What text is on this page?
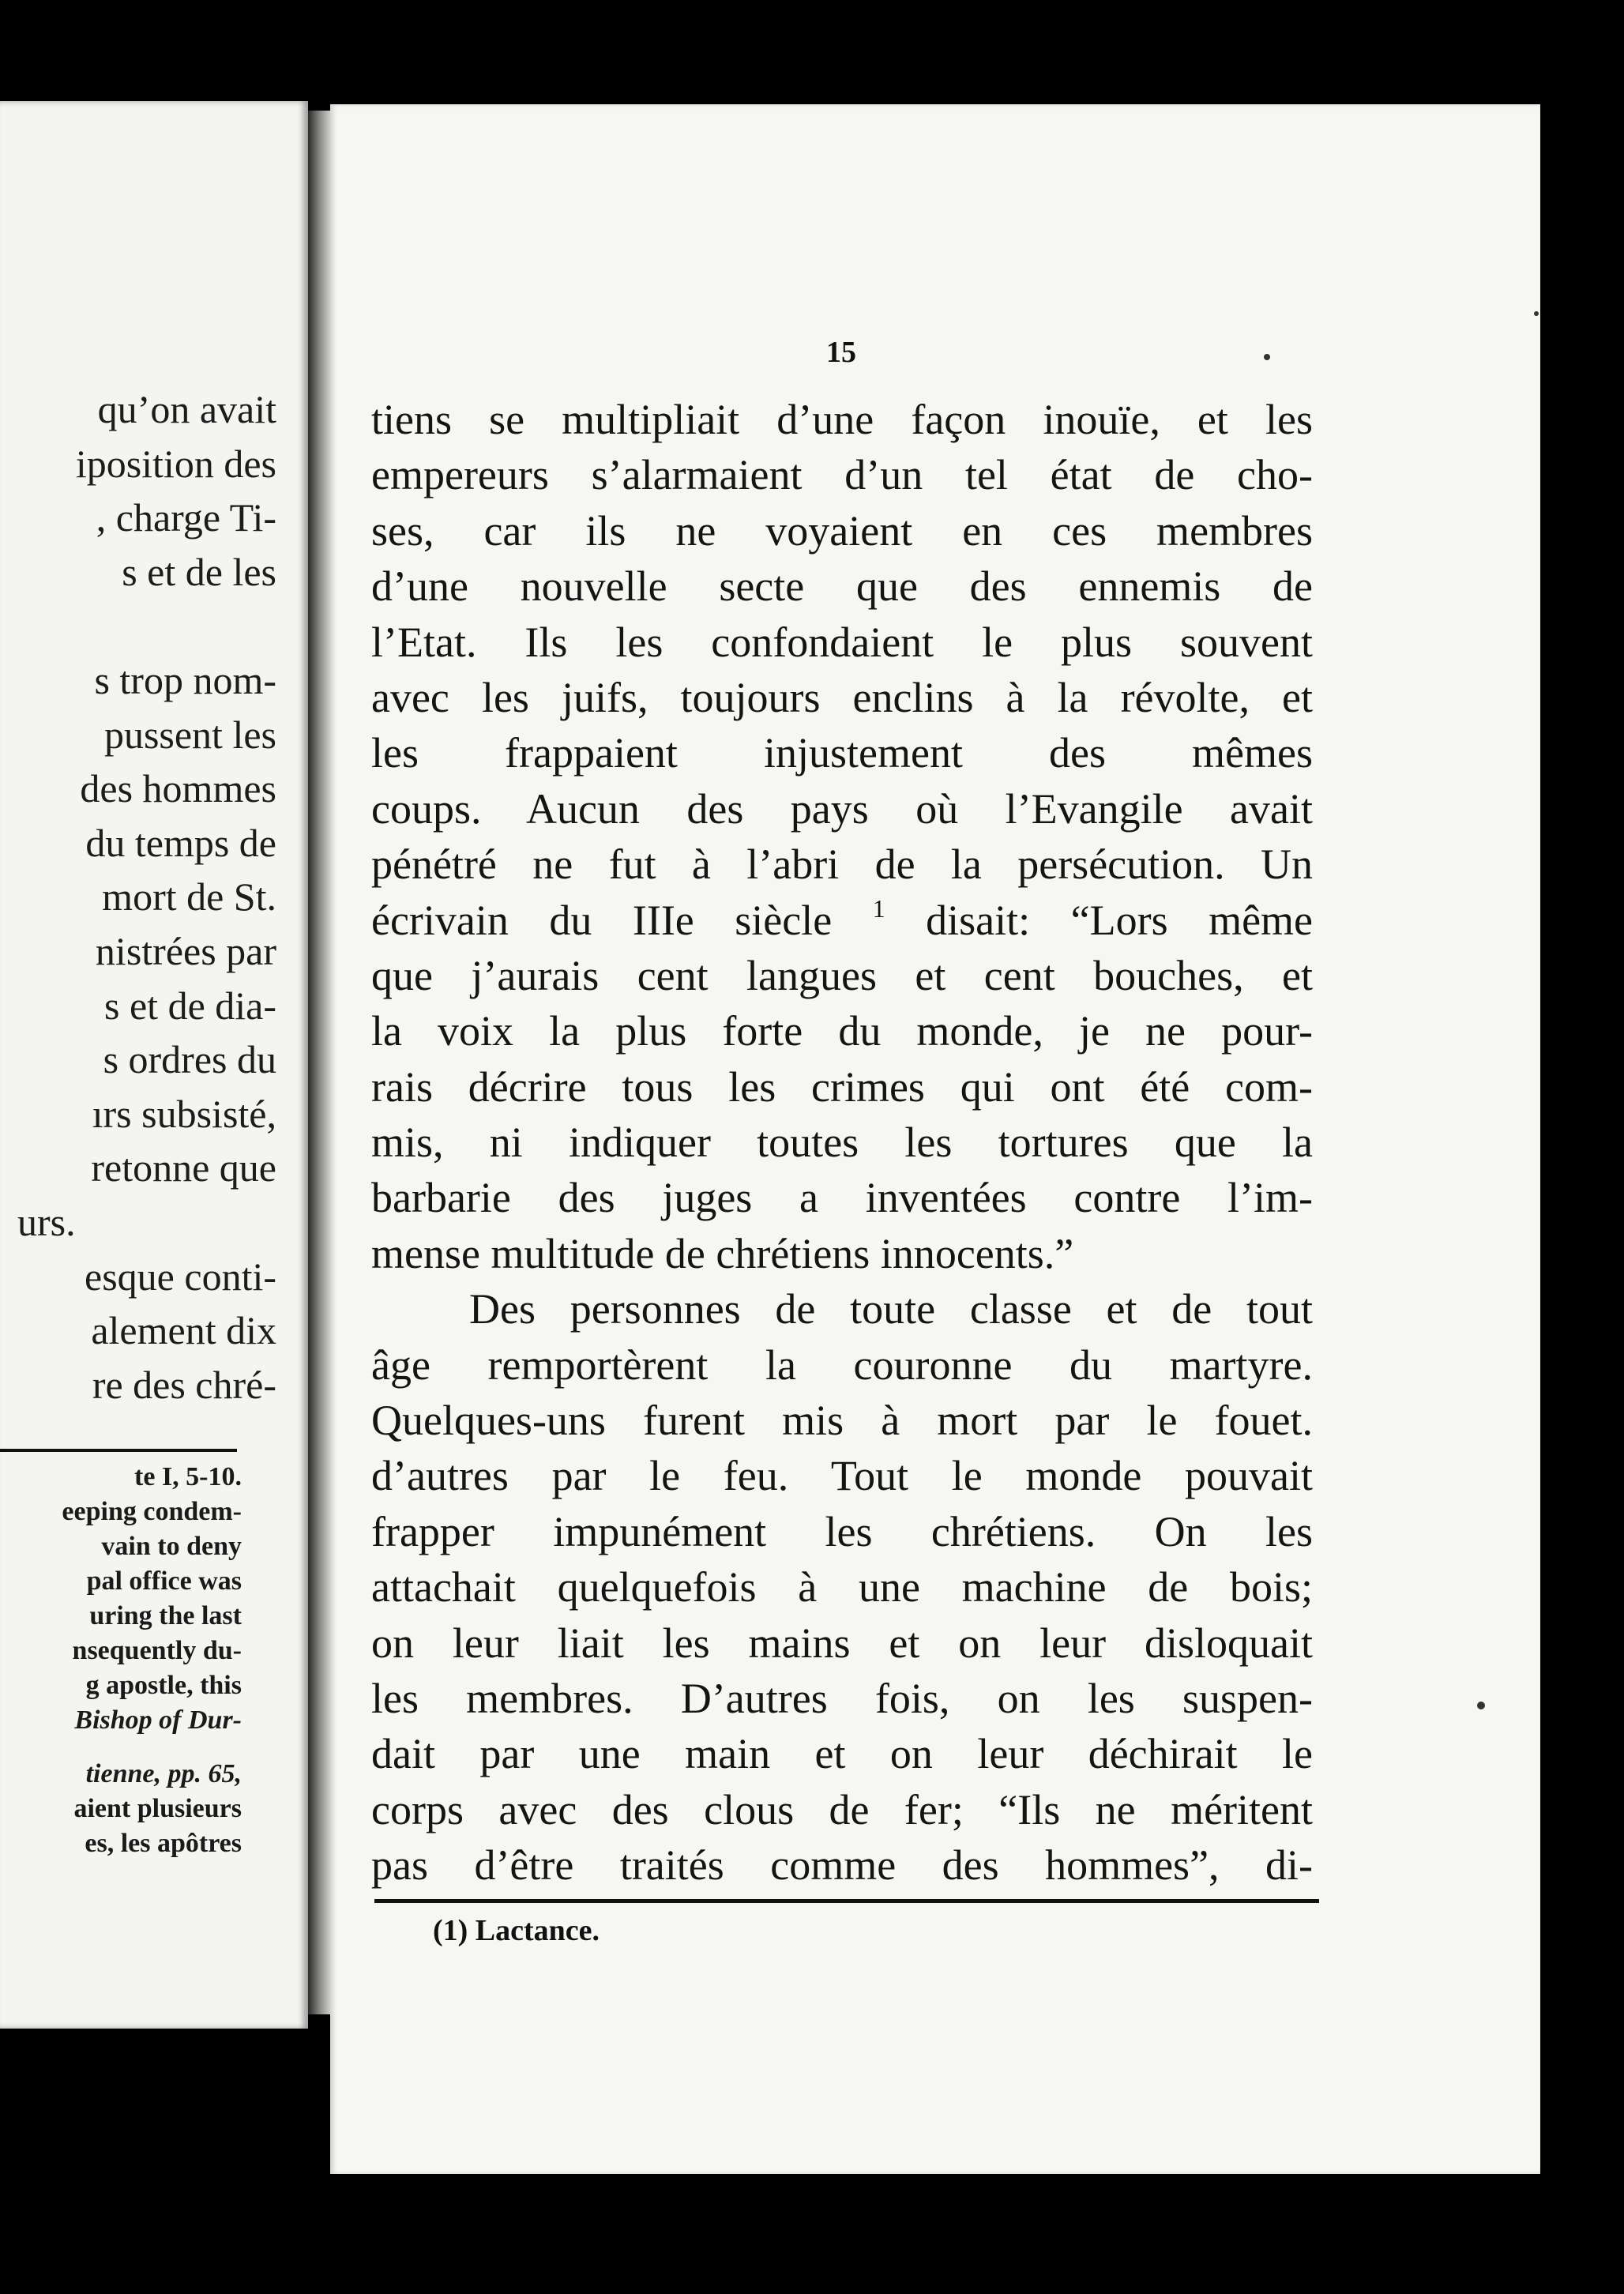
qu’on avait
iposition des
, charge Ti-
s et de les
s trop nom-
pussent les
des hommes
du temps de
mort de St.
nistrées par
s et de dia-
s ordres du
ırs subsisté,
retonne que
urs.
esque conti-
alement dix
re des chré-
te I, 5-10.
eeping condem-
vain to deny
pal office was
uring the last
nsequently du-
g apostle, this
Bishop of Dur-
tienne, pp. 65,
aient plusieurs
es, les apôtres
15
tiens se multipliait d’une façon inouïe, et les
empereurs s’alarmaient d’un tel état de cho-
ses, car ils ne voyaient en ces membres
d’une nouvelle secte que des ennemis de
l’Etat. Ils les confondaient le plus souvent
avec les juifs, toujours enclins à la révolte, et
les frappaient injustement des mêmes
coups. Aucun des pays où l’Evangile avait
pénétré ne fut à l’abri de la persécution. Un
écrivain du IIIe siècle $^1$ disait: “Lors même
que j’aurais cent langues et cent bouches, et
la voix la plus forte du monde, je ne pour-
rais décrire tous les crimes qui ont été com-
mis, ni indiquer toutes les tortures que la
barbarie des juges a inventées contre l’im-
mense multitude de chrétiens innocents.”
Des personnes de toute classe et de tout
âge remportèrent la couronne du martyre.
Quelques-uns furent mis à mort par le fouet.
d’autres par le feu. Tout le monde pouvait
frapper impunément les chrétiens. On les
attachait quelquefois à une machine de bois;
on leur liait les mains et on leur disloquait
les membres. D’autres fois, on les suspen-
dait par une main et on leur déchirait le
corps avec des clous de fer; “Ils ne méritent
pas d’être traités comme des hommes”, di-
(1) Lactance.
